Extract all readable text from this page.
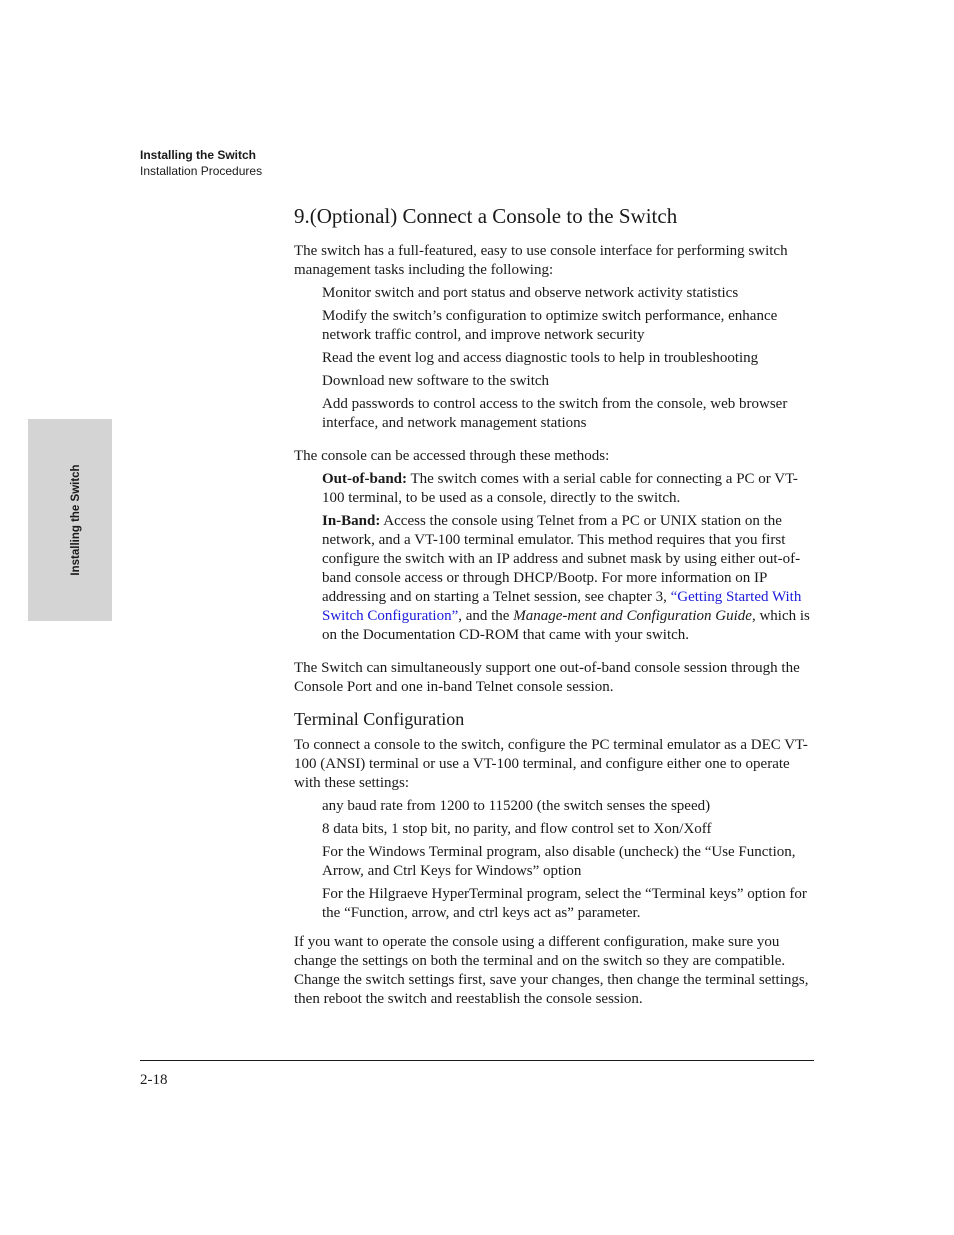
Installing the Switch
Installation Procedures
Installing the Switch
9.(Optional) Connect a Console to the Switch

The switch has a full-featured, easy to use console interface for performing switch management tasks including the following:

Monitor switch and port status and observe network activity statistics
Modify the switch’s configuration to optimize switch performance, enhance network traffic control, and improve network security
Read the event log and access diagnostic tools to help in troubleshooting
Download new software to the switch
Add passwords to control access to the switch from the console, web browser interface, and network management stations

The console can be accessed through these methods:

Out-of-band: The switch comes with a serial cable for connecting a PC or VT-100 terminal, to be used as a console, directly to the switch.

In-Band: Access the console using Telnet from a PC or UNIX station on the network, and a VT-100 terminal emulator. This method requires that you first configure the switch with an IP address and subnet mask by using either out-of-band console access or through DHCP/Bootp. For more information on IP addressing and on starting a Telnet session, see chapter 3, “Getting Started With Switch Configuration”, and the Manage-ment and Configuration Guide, which is on the Documentation CD-ROM that came with your switch.

The Switch can simultaneously support one out-of-band console session through the Console Port and one in-band Telnet console session.

Terminal Configuration

To connect a console to the switch, configure the PC terminal emulator as a DEC VT-100 (ANSI) terminal or use a VT-100 terminal, and configure either one to operate with these settings:

any baud rate from 1200 to 115200 (the switch senses the speed)
8 data bits, 1 stop bit, no parity, and flow control set to Xon/Xoff
For the Windows Terminal program, also disable (uncheck) the “Use Function, Arrow, and Ctrl Keys for Windows” option
For the Hilgraeve HyperTerminal program, select the “Terminal keys” option for the “Function, arrow, and ctrl keys act as” parameter.

If you want to operate the console using a different configuration, make sure you change the settings on both the terminal and on the switch so they are compatible. Change the switch settings first, save your changes, then change the terminal settings, then reboot the switch and reestablish the console session.

2-18
